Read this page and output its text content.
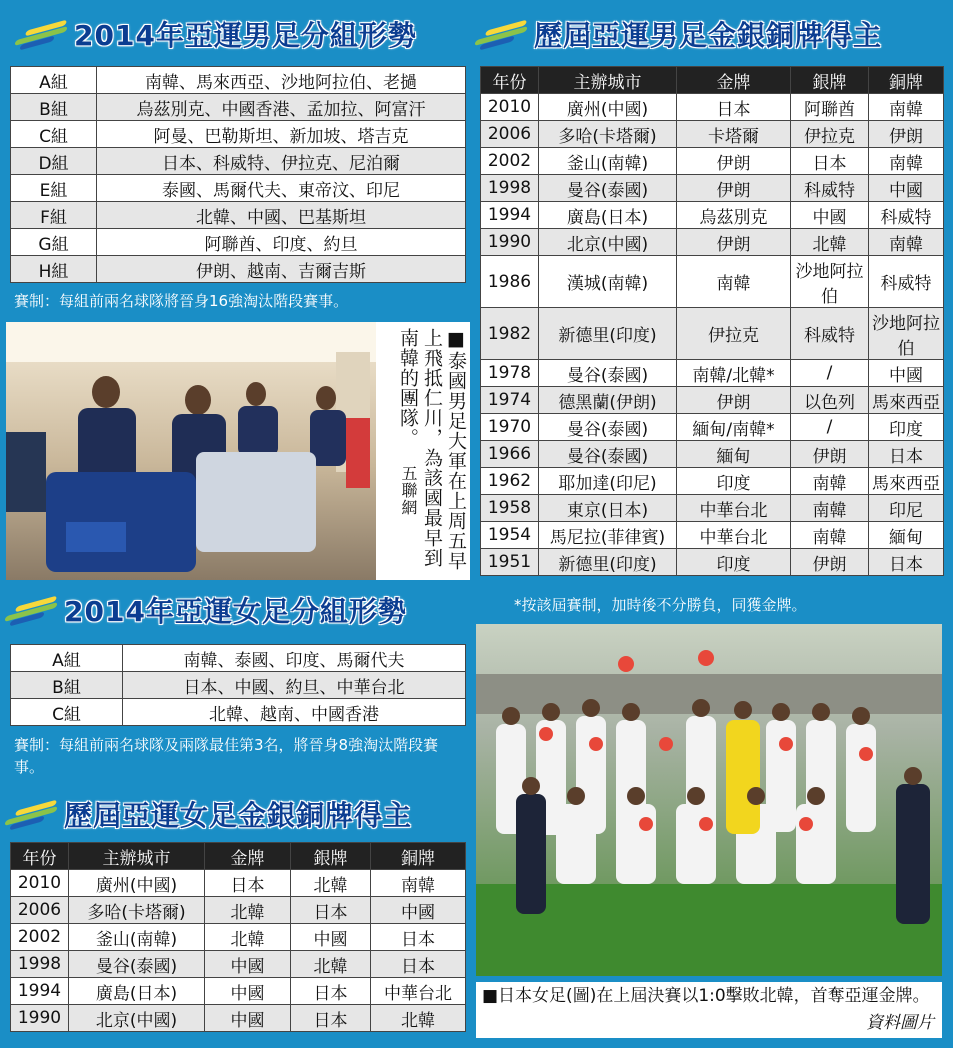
2014年亞運男足分組形勢
A組	南韓、馬來西亞、沙地阿拉伯、老撾
B組	烏茲別克、中國香港、孟加拉、阿富汗
C組	阿曼、巴勒斯坦、新加坡、塔吉克
D組	日本、科威特、伊拉克、尼泊爾
E組	泰國、馬爾代夫、東帝汶、印尼
F組	北韓、中國、巴基斯坦
G組	阿聯酋、印度、約旦
H組	伊朗、越南、吉爾吉斯
賽制：每組前兩名球隊將晉身16強淘汰階段賽事。
■泰國男足大軍在上周五早上飛抵仁川，為該國最早到南韓的團隊。 五聯網
歷屆亞運男足金銀銅牌得主
年份	主辦城市	金牌	銀牌	銅牌
2010	廣州(中國)	日本	阿聯酋	南韓
2006	多哈(卡塔爾)	卡塔爾	伊拉克	伊朗
2002	釜山(南韓)	伊朗	日本	南韓
1998	曼谷(泰國)	伊朗	科威特	中國
1994	廣島(日本)	烏茲別克	中國	科威特
1990	北京(中國)	伊朗	北韓	南韓
1986	漢城(南韓)	南韓	沙地阿拉伯	科威特
1982	新德里(印度)	伊拉克	科威特	沙地阿拉伯
1978	曼谷(泰國)	南韓/北韓*	/	中國
1974	德黑蘭(伊朗)	伊朗	以色列	馬來西亞
1970	曼谷(泰國)	緬甸/南韓*	/	印度
1966	曼谷(泰國)	緬甸	伊朗	日本
1962	耶加達(印尼)	印度	南韓	馬來西亞
1958	東京(日本)	中華台北	南韓	印尼
1954	馬尼拉(菲律賓)	中華台北	南韓	緬甸
1951	新德里(印度)	印度	伊朗	日本
*按該屆賽制，加時後不分勝負，同獲金牌。
2014年亞運女足分組形勢
A組	南韓、泰國、印度、馬爾代夫
B組	日本、中國、約旦、中華台北
C組	北韓、越南、中國香港
賽制：每組前兩名球隊及兩隊最佳第3名，將晉身8強淘汰階段賽事。
歷屆亞運女足金銀銅牌得主
年份	主辦城市	金牌	銀牌	銅牌
2010	廣州(中國)	日本	北韓	南韓
2006	多哈(卡塔爾)	北韓	日本	中國
2002	釜山(南韓)	北韓	中國	日本
1998	曼谷(泰國)	中國	北韓	日本
1994	廣島(日本)	中國	日本	中華台北
1990	北京(中國)	中國	日本	北韓
■日本女足(圖)在上屆決賽以1:0擊敗北韓，首奪亞運金牌。
資料圖片
